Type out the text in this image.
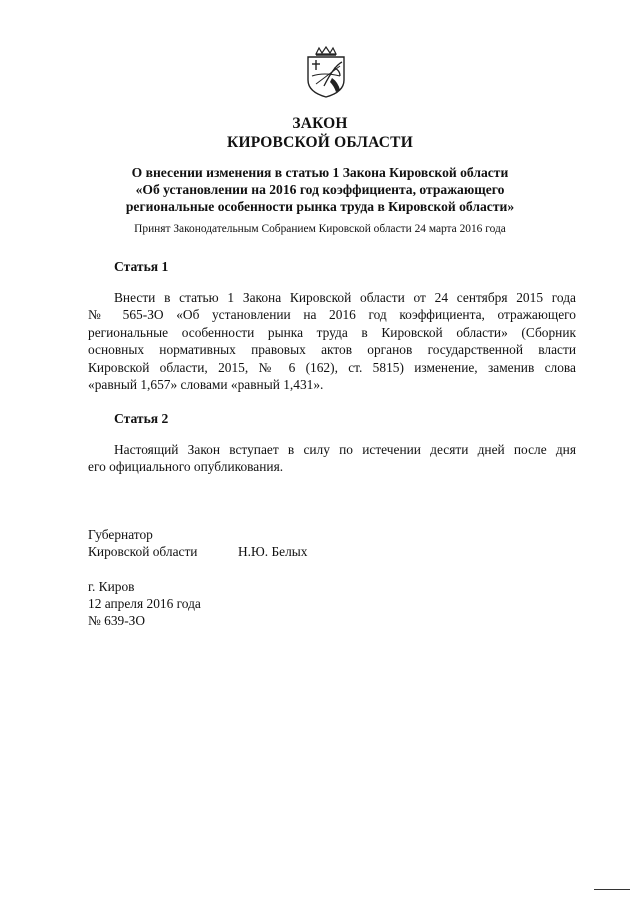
ЗАКОН
КИРОВСКОЙ ОБЛАСТИ
О внесении изменения в статью 1 Закона Кировской области
«Об установлении на 2016 год коэффициента, отражающего
региональные особенности рынка труда в Кировской области»
Принят Законодательным Собранием Кировской области 24 марта 2016 года
Статья 1
Внести в статью 1 Закона Кировской области от 24 сентября 2015 года
№ 565-ЗО «Об установлении на 2016 год коэффициента, отражающего
региональные особенности рынка труда в Кировской области» (Сборник
основных нормативных правовых актов органов государственной власти
Кировской области, 2015, № 6 (162), ст. 5815) изменение, заменив слова
«равный 1,657» словами «равный 1,431».
Статья 2
Настоящий Закон вступает в силу по истечении десяти дней после дня
его официального опубликования.
Губернатор
Кировской области	Н.Ю. Белых
г. Киров
12 апреля 2016 года
№ 639-ЗО
